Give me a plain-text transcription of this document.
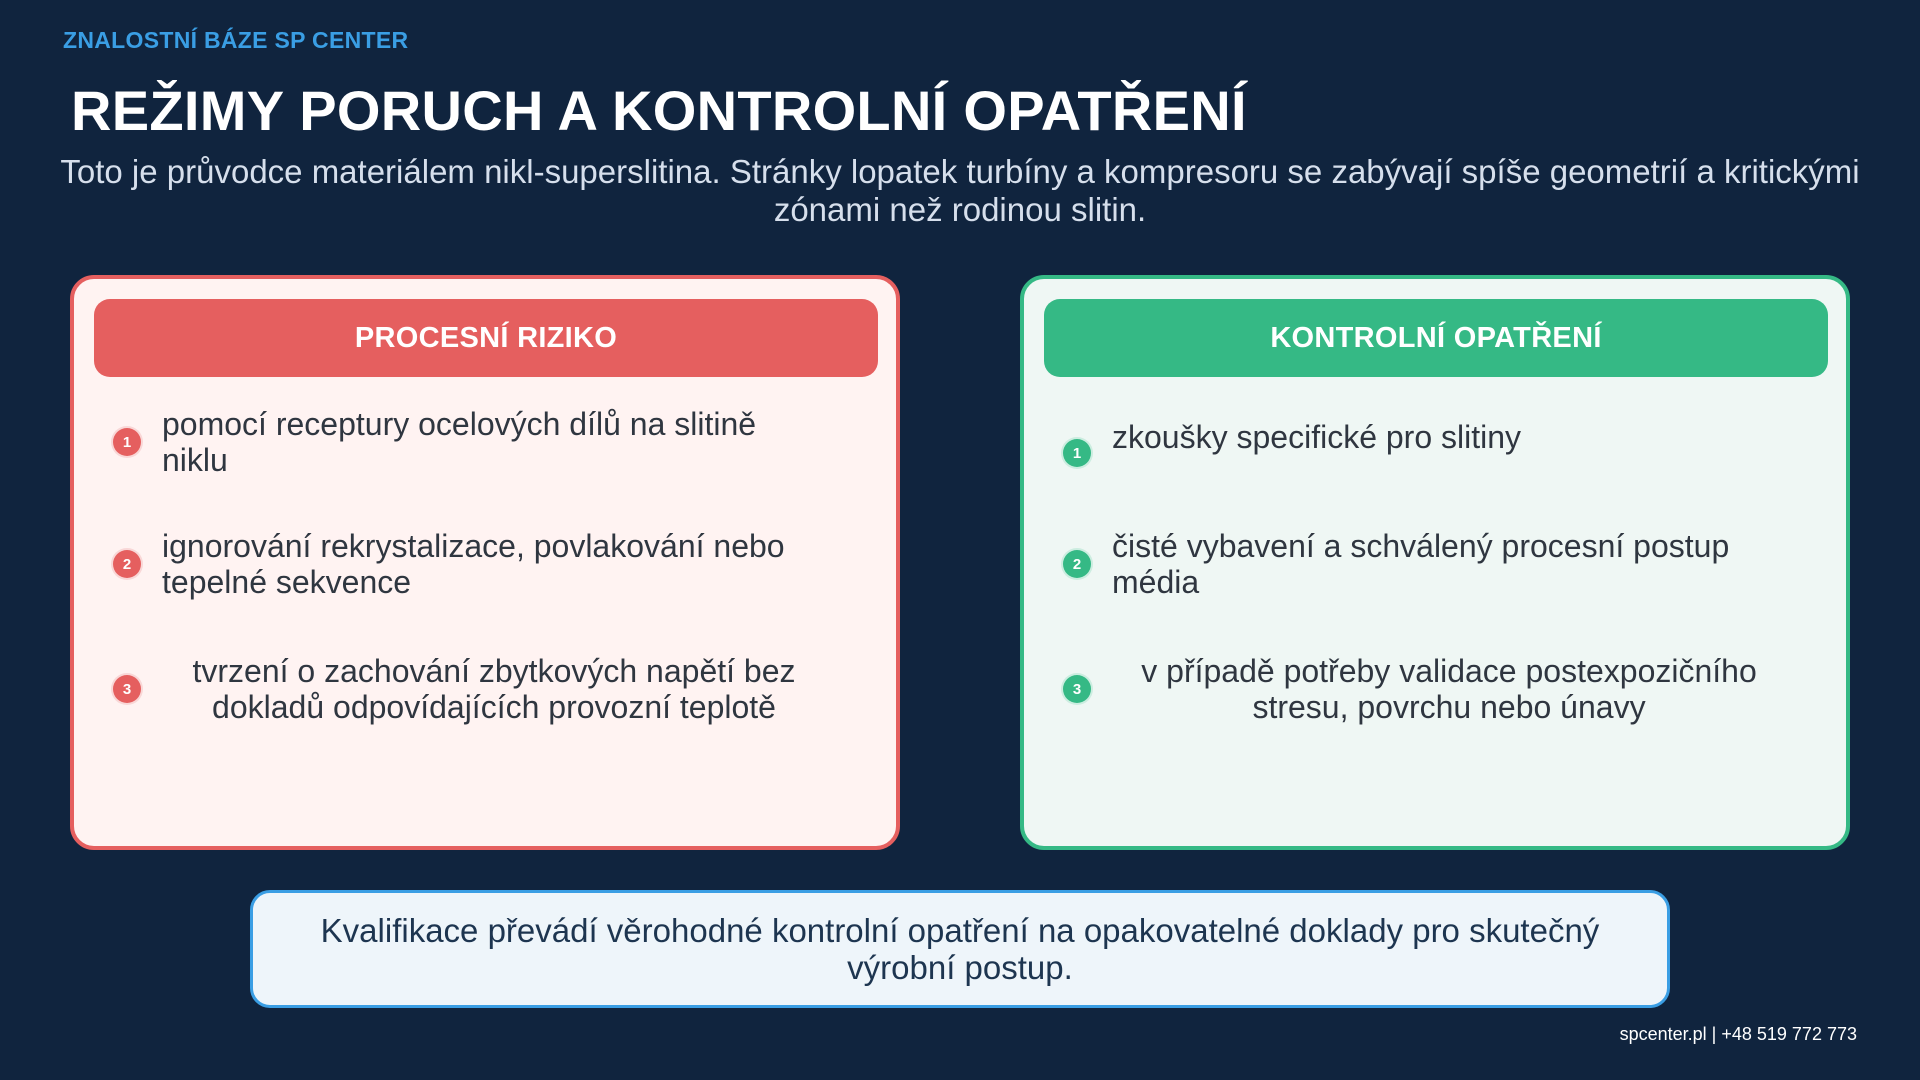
ZNALOSTNÍ BÁZE SP CENTER
REŽIMY PORUCH A KONTROLNÍ OPATŘENÍ

Toto je průvodce materiálem nikl-superslitina. Stránky lopatek turbíny a kompresoru se zabývají spíše geometrií a kritickými zónami než rodinou slitin.

PROCESNÍ RIZIKO
1 pomocí receptury ocelových dílů na slitině niklu
2 ignorování rekrystalizace, povlakování nebo tepelné sekvence
3	tvrzení o zachování zbytkových napětí bez dokladů odpovídajících provozní teplotě
KONTROLNÍ OPATŘENÍ
1 zkoušky specifické pro slitiny
2 čisté vybavení a schválený procesní postup média
3	v případě potřeby validace postexpozičního stresu, povrchu nebo únavy
Kvalifikace převádí věrohodné kontrolní opatření na opakovatelné doklady pro skutečný výrobní postup.
spcenter.pl | +48 519 772 773
